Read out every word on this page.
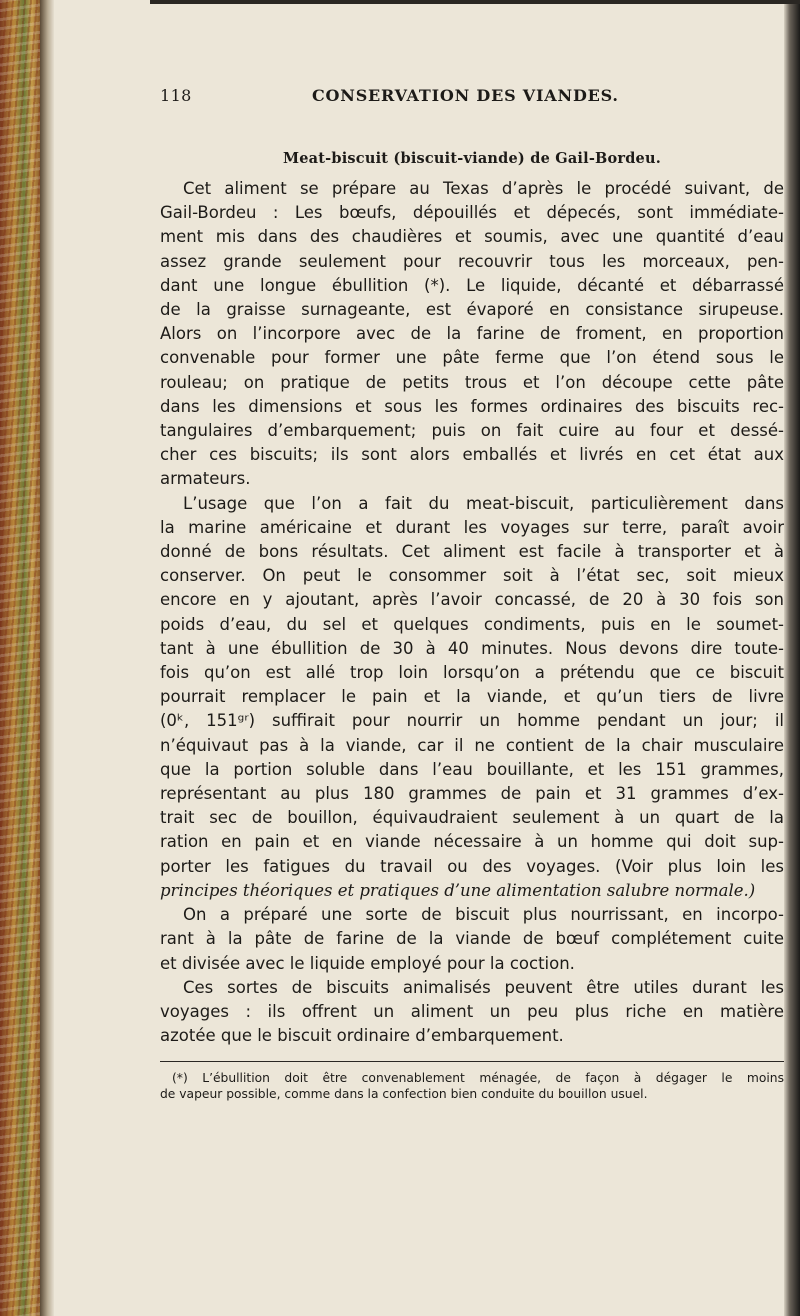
118	CONSERVATION DES VIANDES.
Meat-biscuit (biscuit-viande) de Gail-Bordeu.
Cet aliment se prépare au Texas d’après le procédé suivant, de
Gail-Bordeu : Les bœufs, dépouillés et dépecés, sont immédiate-
ment mis dans des chaudières et soumis, avec une quantité d’eau
assez grande seulement pour recouvrir tous les morceaux, pen-
dant une longue ébullition (*). Le liquide, décanté et débarrassé
de la graisse surnageante, est évaporé en consistance sirupeuse.
Alors on l’incorpore avec de la farine de froment, en proportion
convenable pour former une pâte ferme que l’on étend sous le
rouleau; on pratique de petits trous et l’on découpe cette pâte
dans les dimensions et sous les formes ordinaires des biscuits rec-
tangulaires d’embarquement; puis on fait cuire au four et dessé-
cher ces biscuits; ils sont alors emballés et livrés en cet état aux
armateurs.
L’usage que l’on a fait du meat-biscuit, particulièrement dans
la marine américaine et durant les voyages sur terre, paraît avoir
donné de bons résultats. Cet aliment est facile à transporter et à
conserver. On peut le consommer soit à l’état sec, soit mieux
encore en y ajoutant, après l’avoir concassé, de 20 à 30 fois son
poids d’eau, du sel et quelques condiments, puis en le soumet-
tant à une ébullition de 30 à 40 minutes. Nous devons dire toute-
fois qu’on est allé trop loin lorsqu’on a prétendu que ce biscuit
pourrait remplacer le pain et la viande, et qu’un tiers de livre
(0ᵏ, 151ᵍʳ) suffirait pour nourrir un homme pendant un jour; il
n’équivaut pas à la viande, car il ne contient de la chair musculaire
que la portion soluble dans l’eau bouillante, et les 151 grammes,
représentant au plus 180 grammes de pain et 31 grammes d’ex-
trait sec de bouillon, équivaudraient seulement à un quart de la
ration en pain et en viande nécessaire à un homme qui doit sup-
porter les fatigues du travail ou des voyages. (Voir plus loin les
principes théoriques et pratiques d’une alimentation salubre normale.)
On a préparé une sorte de biscuit plus nourrissant, en incorpo-
rant à la pâte de farine de la viande de bœuf complétement cuite
et divisée avec le liquide employé pour la coction.
Ces sortes de biscuits animalisés peuvent être utiles durant les
voyages : ils offrent un aliment un peu plus riche en matière
azotée que le biscuit ordinaire d’embarquement.
(*) L’ébullition doit être convenablement ménagée, de façon à dégager le moins
de vapeur possible, comme dans la confection bien conduite du bouillon usuel.
